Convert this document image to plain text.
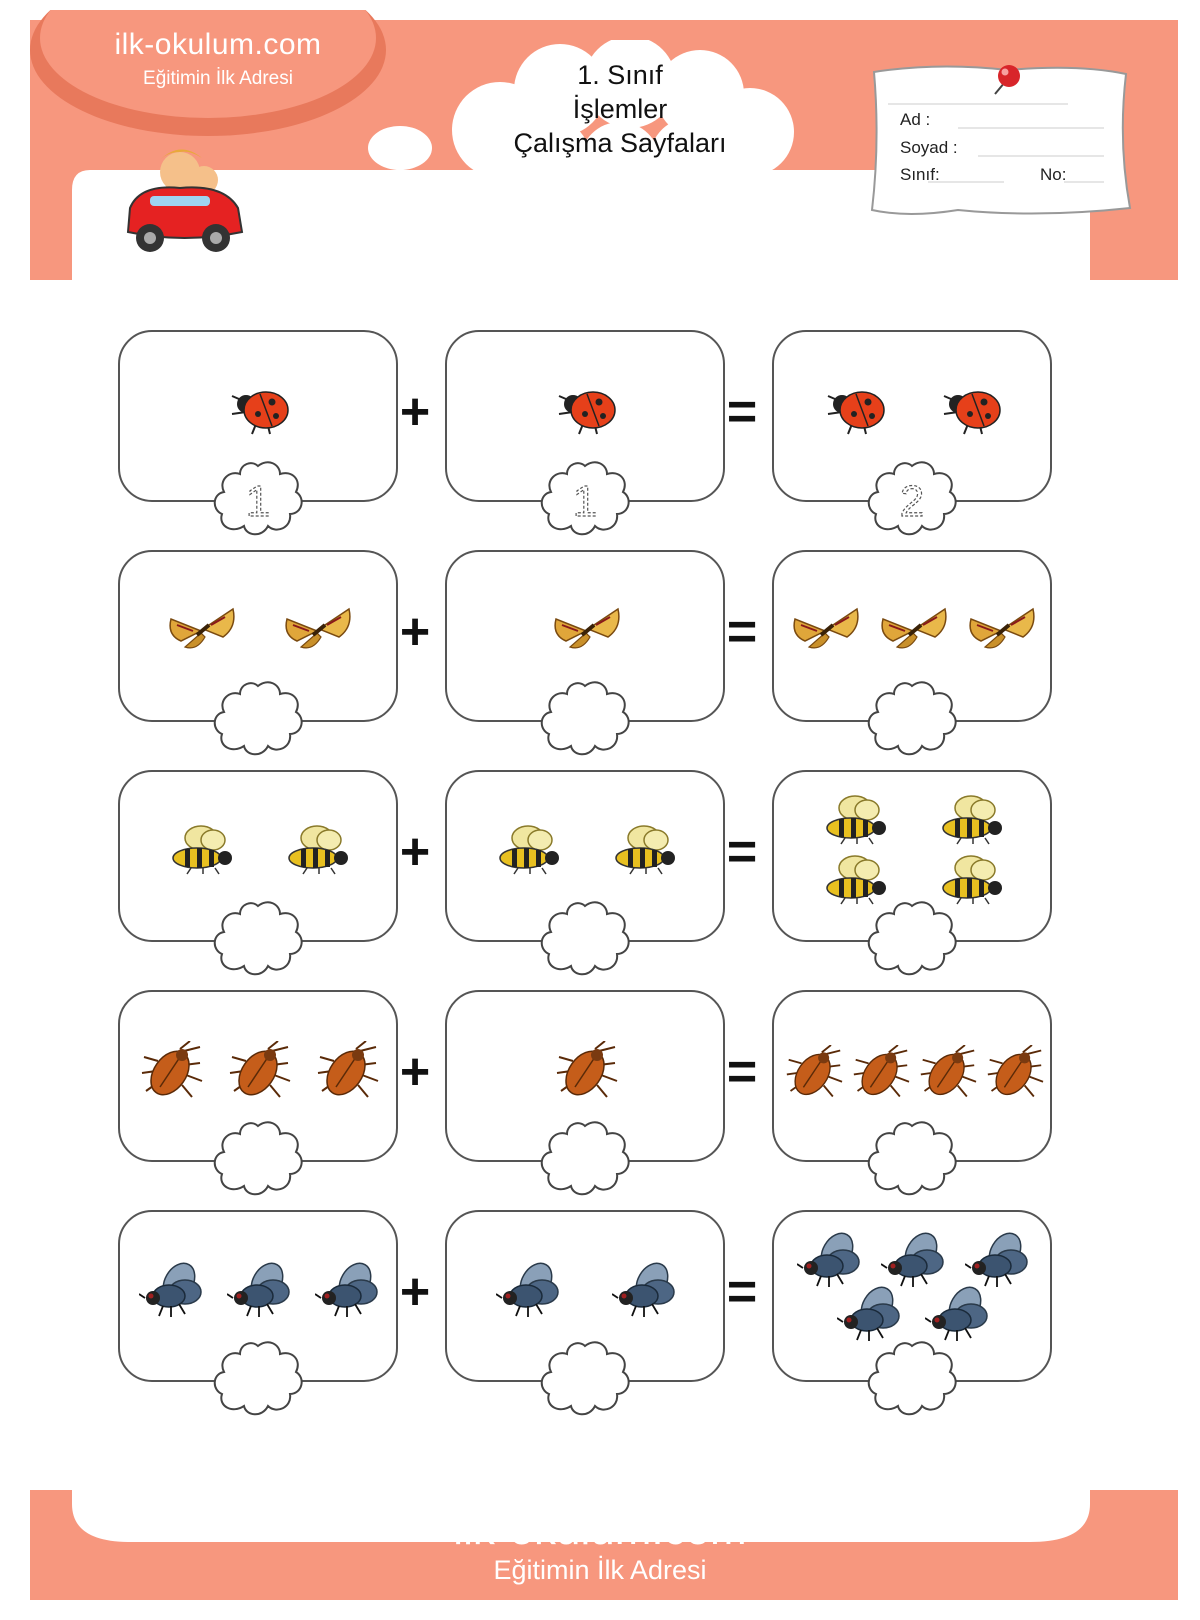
ilk-okulum.com
Eğitimin İlk Adresi	1. Sınıf
İşlemler
Çalışma Sayfaları
Ad :
Soyad :
Sınıf:	No:
1	1	2
+	=
+	=
+	=
+	=
+	=
ilk-okulum.com
Eğitimin İlk Adresi
